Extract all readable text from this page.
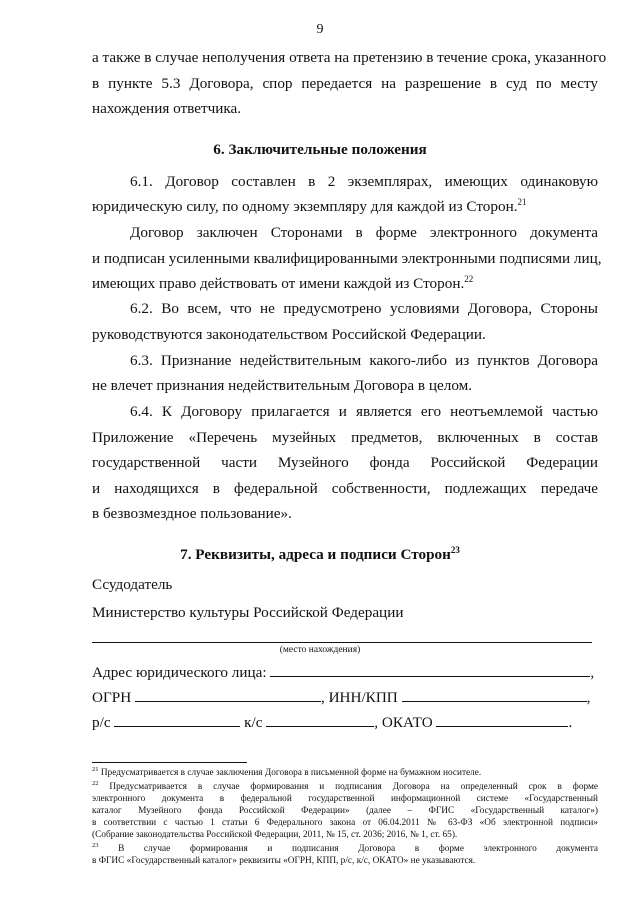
9
а также в случае неполучения ответа на претензию в течение срока, указанного
в пункте 5.3 Договора, спор передается на разрешение в суд по месту
нахождения ответчика.
6. Заключительные положения
6.1. Договор составлен в 2 экземплярах, имеющих одинаковую
юридическую силу, по одному экземпляру для каждой из Сторон.$^{21}$
Договор заключен Сторонами в форме электронного документа
и подписан усиленными квалифицированными электронными подписями лиц,
имеющих право действовать от имени каждой из Сторон.$^{22}$
6.2. Во всем, что не предусмотрено условиями Договора, Стороны
руководствуются законодательством Российской Федерации.
6.3. Признание недействительным какого-либо из пунктов Договора
не влечет признания недействительным Договора в целом.
6.4. К Договору прилагается и является его неотъемлемой частью
Приложение «Перечень музейных предметов, включенных в состав
государственной части Музейного фонда Российской Федерации
и находящихся в федеральной собственности, подлежащих передаче
в безвозмездное пользование».
7. Реквизиты, адреса и подписи Сторон$^{23}$
Ссудодатель
Министерство культуры Российской Федерации
(место нахождения)
Адрес юридического лица:	,
ОГРН	, ИНН/КПП	,
р/с	к/с	, ОКАТО	.
$^{21}$ Предусматривается в случае заключения Договора в письменной форме на бумажном носителе.
$^{22}$ Предусматривается в случае формирования и подписания Договора на определенный срок в форме
электронного документа в федеральной государственной информационной системе «Государственный
каталог Музейного фонда Российской Федерации» (далее – ФГИС «Государственный каталог»)
в соответствии с частью 1 статьи 6 Федерального закона от 06.04.2011 № 63-ФЗ «Об электронной подписи»
(Собрание законодательства Российской Федерации, 2011, № 15, ст. 2036; 2016, № 1, ст. 65).
$^{23}$ В случае формирования и подписания Договора в форме электронного документа
в ФГИС «Государственный каталог» реквизиты «ОГРН, КПП, р/с, к/с, ОКАТО» не указываются.
